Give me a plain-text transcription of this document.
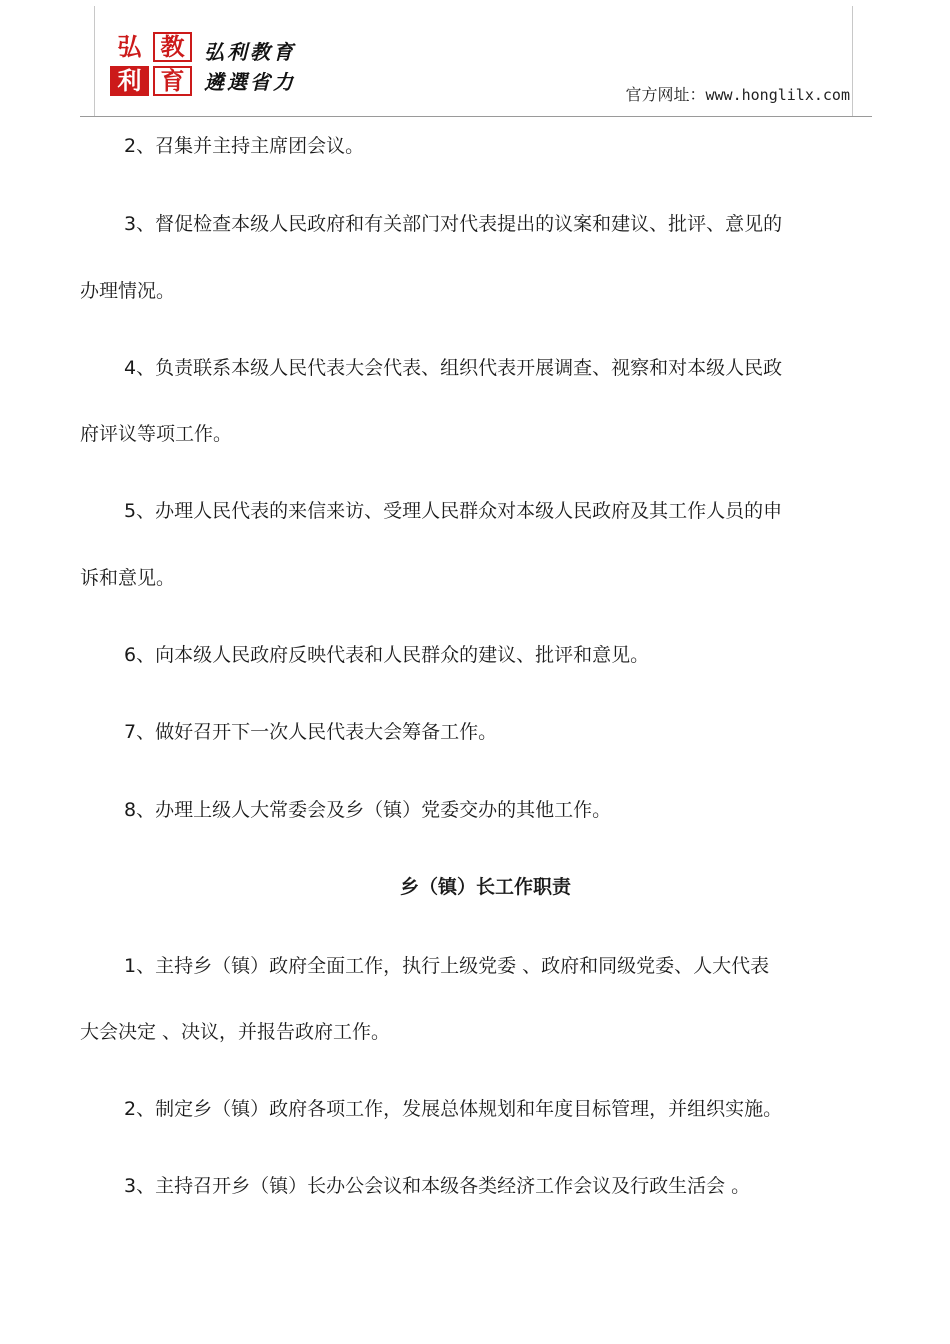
弘 教
利 育
弘利教育
遴選省力
官方网址：www.honglilx.com
2、召集并主持主席团会议。
3、督促检查本级人民政府和有关部门对代表提出的议案和建议、批评、意见的
办理情况。
4、负责联系本级人民代表大会代表、组织代表开展调查、视察和对本级人民政
府评议等项工作。
5、办理人民代表的来信来访、受理人民群众对本级人民政府及其工作人员的申
诉和意见。
6、向本级人民政府反映代表和人民群众的建议、批评和意见。
7、做好召开下一次人民代表大会筹备工作。
8、办理上级人大常委会及乡（镇）党委交办的其他工作。
乡（镇）长工作职责
1、主持乡（镇）政府全面工作，执行上级党委 、政府和同级党委、人大代表
大会决定 、决议，并报告政府工作。
2、制定乡（镇）政府各项工作，发展总体规划和年度目标管理，并组织实施。
3、主持召开乡（镇）长办公会议和本级各类经济工作会议及行政生活会 。
